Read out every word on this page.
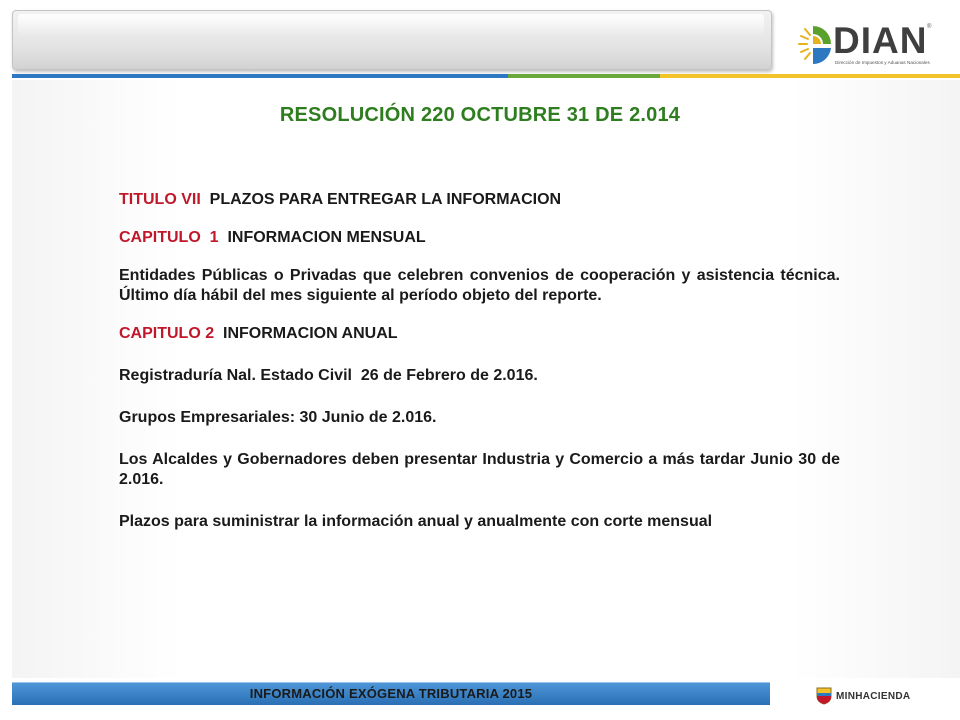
DIAN ®
Dirección de Impuestos y Aduanas Nacionales
RESOLUCIÓN 220 OCTUBRE 31 DE 2.014

TITULO VII  PLAZOS PARA ENTREGAR LA INFORMACION

CAPITULO  1  INFORMACION MENSUAL

Entidades Públicas o Privadas que celebren convenios de cooperación y asistencia técnica. Último día hábil del mes siguiente al período objeto del reporte.

CAPITULO 2  INFORMACION ANUAL

Registraduría Nal. Estado Civil  26 de Febrero de 2.016.

Grupos Empresariales: 30 Junio de 2.016.

Los Alcaldes y Gobernadores deben presentar Industria y Comercio a más tardar Junio 30 de 2.016.

Plazos para suministrar la información anual y anualmente con corte mensual

INFORMACIÓN EXÓGENA TRIBUTARIA 2015	MINHACIENDA
